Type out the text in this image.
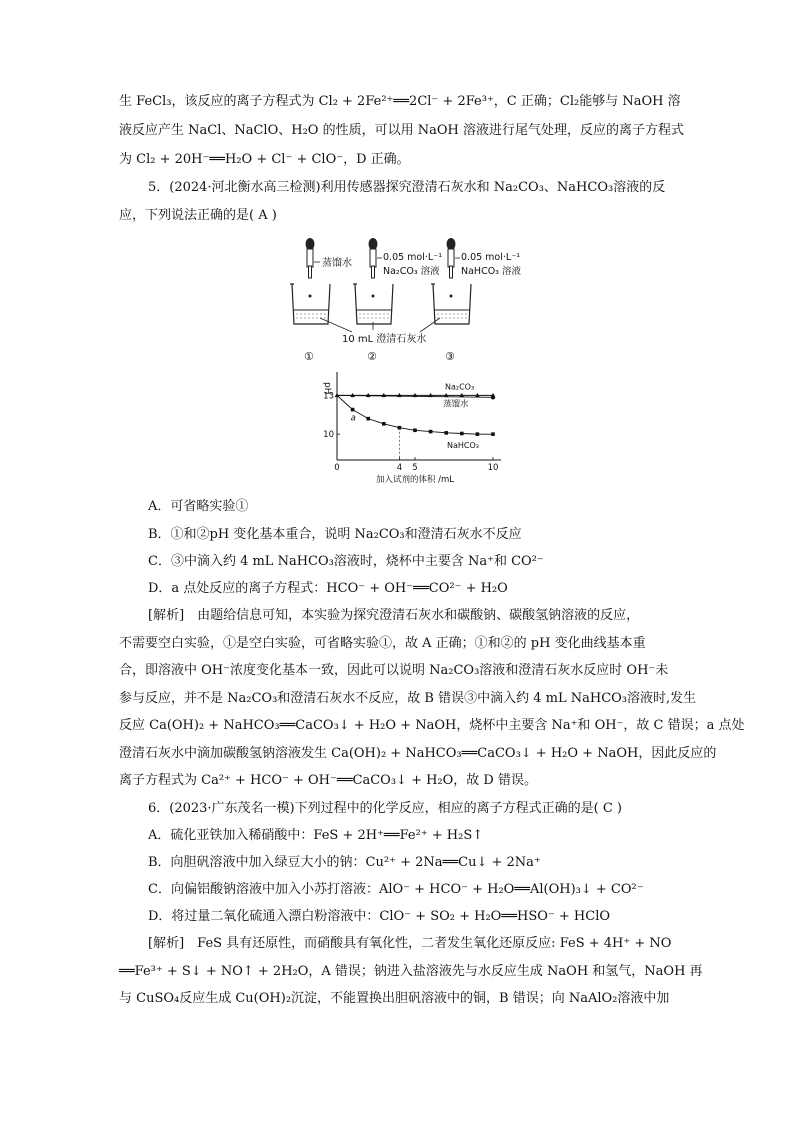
生 FeCl₃，该反应的离子方程式为 Cl₂ + 2Fe²⁺══2Cl⁻ + 2Fe³⁺，C 正确；Cl₂能够与 NaOH 溶
液反应产生 NaCl、NaClO、H₂O 的性质，可以用 NaOH 溶液进行尾气处理，反应的离子方程式
为 Cl₂ + 20H⁻══H₂O + Cl⁻ + ClO⁻，D 正确。
5．(2024·河北衡水高三检测)利用传感器探究澄清石灰水和 Na₂CO₃、NaHCO₃溶液的反
应，下列说法正确的是( A )
蒸馏水
0.05 mol·L⁻¹
Na₂CO₃ 溶液
0.05 mol·L⁻¹
NaHCO₃ 溶液
10 mL 澄清石灰水
①	②	③
pH
10
13
0	4 5	10
加入试剂的体积 /mL
Na₂CO₃
蒸馏水
NaHCO₃
a
A．可省略实验①
B．①和②pH 变化基本重合，说明 Na₂CO₃和澄清石灰水不反应
C．③中滴入约 4 mL NaHCO₃溶液时，烧杯中主要含 Na⁺和 CO²⁻
D．a 点处反应的离子方程式：HCO⁻ + OH⁻══CO²⁻ + H₂O
[解析]　由题给信息可知，本实验为探究澄清石灰水和碳酸钠、碳酸氢钠溶液的反应，
不需要空白实验，①是空白实验，可省略实验①，故 A 正确；①和②的 pH 变化曲线基本重
合，即溶液中 OH⁻浓度变化基本一致，因此可以说明 Na₂CO₃溶液和澄清石灰水反应时 OH⁻未
参与反应，并不是 Na₂CO₃和澄清石灰水不反应，故 B 错误③中滴入约 4 mL NaHCO₃溶液时,发生
反应 Ca(OH)₂ + NaHCO₃══CaCO₃↓ + H₂O + NaOH，烧杯中主要含 Na⁺和 OH⁻，故 C 错误；a 点处
澄清石灰水中滴加碳酸氢钠溶液发生 Ca(OH)₂ + NaHCO₃══CaCO₃↓ + H₂O + NaOH，因此反应的
离子方程式为 Ca²⁺ + HCO⁻ + OH⁻══CaCO₃↓ + H₂O，故 D 错误。
6．(2023·广东茂名一模)下列过程中的化学反应，相应的离子方程式正确的是( C )
A．硫化亚铁加入稀硝酸中：FeS + 2H⁺══Fe²⁺ + H₂S↑
B．向胆矾溶液中加入绿豆大小的钠：Cu²⁺ + 2Na══Cu↓ + 2Na⁺
C．向偏铝酸钠溶液中加入小苏打溶液：AlO⁻ + HCO⁻ + H₂O══Al(OH)₃↓ + CO²⁻
D．将过量二氧化硫通入漂白粉溶液中：ClO⁻ + SO₂ + H₂O══HSO⁻ + HClO
[解析]　FeS 具有还原性，而硝酸具有氧化性，二者发生氧化还原反应: FeS + 4H⁺ + NO
══Fe³⁺ + S↓ + NO↑ + 2H₂O，A 错误；钠进入盐溶液先与水反应生成 NaOH 和氢气，NaOH 再
与 CuSO₄反应生成 Cu(OH)₂沉淀，不能置换出胆矾溶液中的铜，B 错误；向 NaAlO₂溶液中加
